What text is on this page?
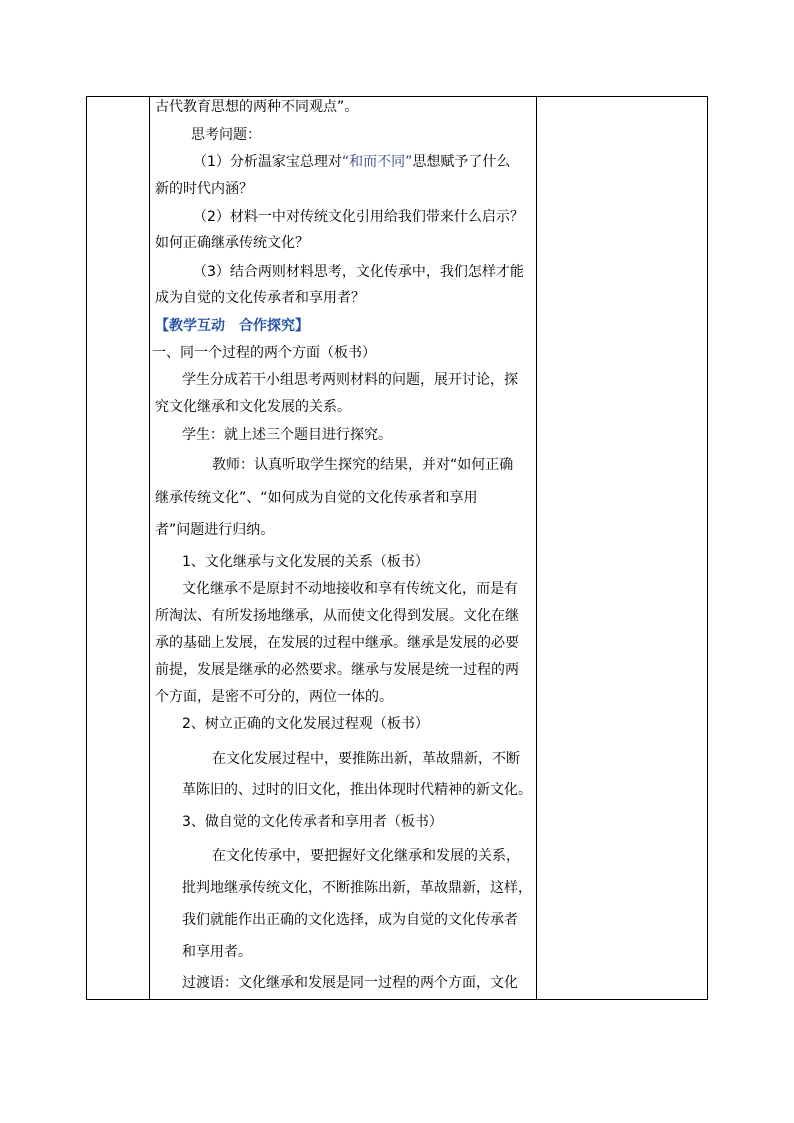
古代教育思想的两种不同观点”。
思考问题：
（1）分析温家宝总理对“和而不同”思想赋予了什么
新的时代内涵？
（2）材料一中对传统文化引用给我们带来什么启示？
如何正确继承传统文化？
（3）结合两则材料思考，文化传承中，我们怎样才能
成为自觉的文化传承者和享用者？
【教学互动　合作探究】
一、同一个过程的两个方面（板书）
学生分成若干小组思考两则材料的问题，展开讨论，探
究文化继承和文化发展的关系。
学生：就上述三个题目进行探究。
教师：认真听取学生探究的结果，并对“如何正确
继承传统文化”、“如何成为自觉的文化传承者和享用
者”问题进行归纳。
1、文化继承与文化发展的关系（板书）
文化继承不是原封不动地接收和享有传统文化，而是有
所淘汰、有所发扬地继承，从而使文化得到发展。文化在继
承的基础上发展，在发展的过程中继承。继承是发展的必要
前提，发展是继承的必然要求。继承与发展是统一过程的两
个方面，是密不可分的，两位一体的。
2、树立正确的文化发展过程观（板书）
在文化发展过程中，要推陈出新，革故鼎新，不断
革陈旧的、过时的旧文化，推出体现时代精神的新文化。
3、做自觉的文化传承者和享用者（板书）
在文化传承中，要把握好文化继承和发展的关系，
批判地继承传统文化，不断推陈出新，革故鼎新，这样，
我们就能作出正确的文化选择，成为自觉的文化传承者
和享用者。
过渡语：文化继承和发展是同一过程的两个方面，文化
